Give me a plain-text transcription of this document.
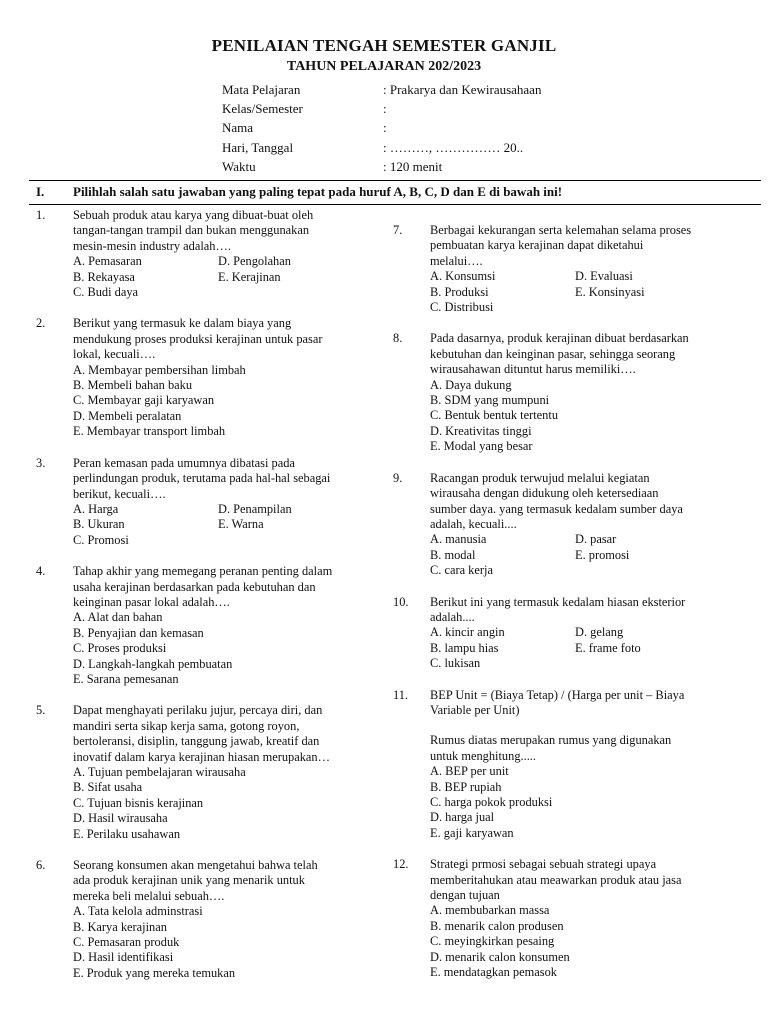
PENILAIAN TENGAH SEMESTER GANJIL
TAHUN PELAJARAN 202/2023
Mata Pelajaran	: Prakarya dan Kewirausahaan
Kelas/Semester	:
Nama	:
Hari, Tanggal	: ………, …………… 20..
Waktu	: 120 menit
I. Pilihlah salah satu jawaban yang paling tepat pada huruf A, B, C, D dan E di bawah ini!
1. Sebuah produk atau karya yang dibuat-buat oleh
tangan-tangan trampil dan bukan menggunakan
mesin-mesin industry adalah….
A. Pemasaran	D. Pengolahan
B. Rekayasa	E. Kerajinan
C. Budi daya
2. Berikut yang termasuk ke dalam biaya yang
mendukung proses produksi kerajinan untuk pasar
lokal, kecuali….
A. Membayar pembersihan limbah
B. Membeli bahan baku
C. Membayar gaji karyawan
D. Membeli peralatan
E. Membayar transport limbah
3. Peran kemasan pada umumnya dibatasi pada
perlindungan produk, terutama pada hal-hal sebagai
berikut, kecuali….
A. Harga	D. Penampilan
B. Ukuran	E. Warna
C. Promosi
4. Tahap akhir yang memegang peranan penting dalam
usaha kerajinan berdasarkan pada kebutuhan dan
keinginan pasar lokal adalah….
A. Alat dan bahan
B. Penyajian dan kemasan
C. Proses produksi
D. Langkah-langkah pembuatan
E. Sarana pemesanan
5. Dapat menghayati perilaku jujur, percaya diri, dan
mandiri serta sikap kerja sama, gotong royon,
bertoleransi, disiplin, tanggung jawab, kreatif dan
inovatif dalam karya kerajinan hiasan merupakan…
A. Tujuan pembelajaran wirausaha
B. Sifat usaha
C. Tujuan bisnis kerajinan
D. Hasil wirausaha
E. Perilaku usahawan
6. Seorang konsumen akan mengetahui bahwa telah
ada produk kerajinan unik yang menarik untuk
mereka beli melalui sebuah….
A. Tata kelola adminstrasi
B. Karya kerajinan
C. Pemasaran produk
D. Hasil identifikasi
E. Produk yang mereka temukan
7. Berbagai kekurangan serta kelemahan selama proses
pembuatan karya kerajinan dapat diketahui
melalui….
A. Konsumsi	D. Evaluasi
B. Produksi	E. Konsinyasi
C. Distribusi
8. Pada dasarnya, produk kerajinan dibuat berdasarkan
kebutuhan dan keinginan pasar, sehingga seorang
wirausahawan dituntut harus memiliki….
A. Daya dukung
B. SDM yang mumpuni
C. Bentuk bentuk tertentu
D. Kreativitas tinggi
E. Modal yang besar
9. Racangan produk terwujud melalui kegiatan
wirausaha dengan didukung oleh ketersediaan
sumber daya. yang termasuk kedalam sumber daya
adalah, kecuali....
A. manusia	D. pasar
B. modal	E. promosi
C. cara kerja
10. Berikut ini yang termasuk kedalam hiasan eksterior
adalah....
A. kincir angin	D. gelang
B. lampu hias	E. frame foto
C. lukisan
11. BEP Unit = (Biaya Tetap) / (Harga per unit – Biaya
Variable per Unit)
Rumus diatas merupakan rumus yang digunakan
untuk menghitung.....
A. BEP per unit
B. BEP rupiah
C. harga pokok produksi
D. harga jual
E. gaji karyawan
12. Strategi prmosi sebagai sebuah strategi upaya
memberitahukan atau meawarkan produk atau jasa
dengan tujuan
A. membubarkan massa
B. menarik calon produsen
C. meyingkirkan pesaing
D. menarik calon konsumen
E. mendatagkan pemasok
